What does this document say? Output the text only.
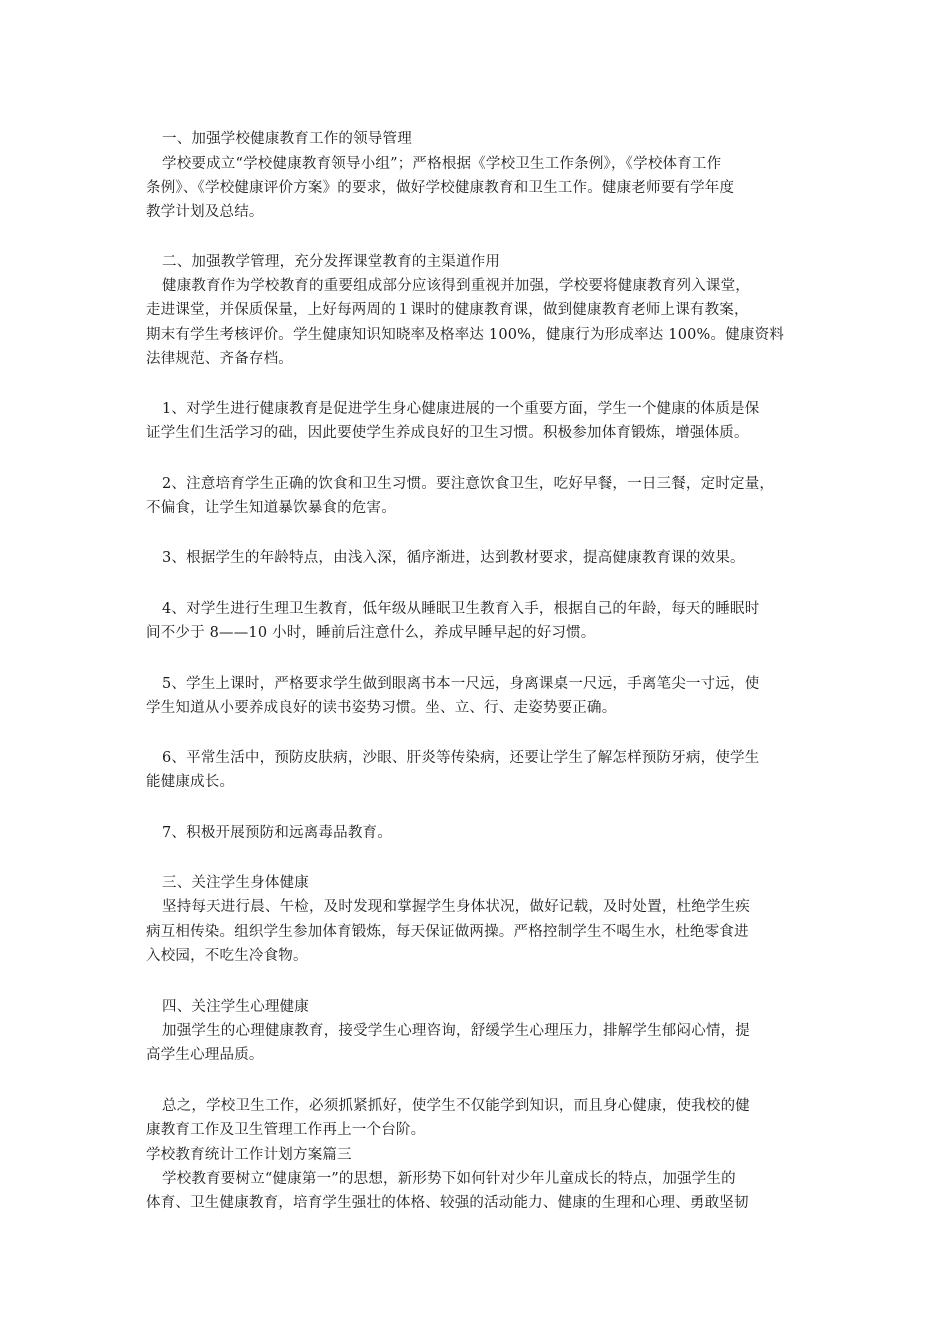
一、加强学校健康教育工作的领导管理
学校要成立“学校健康教育领导小组”；严格根据《学校卫生工作条例》，《学校体育工作
条例》、《学校健康评价方案》的要求，做好学校健康教育和卫生工作。健康老师要有学年度
教学计划及总结。
二、加强教学管理，充分发挥课堂教育的主渠道作用
健康教育作为学校教育的重要组成部分应该得到重视并加强，学校要将健康教育列入课堂，
走进课堂，并保质保量，上好每两周的１课时的健康教育课，做到健康教育老师上课有教案，
期末有学生考核评价。学生健康知识知晓率及格率达 100%，健康行为形成率达 100%。健康资料
法律规范、齐备存档。
1、对学生进行健康教育是促进学生身心健康进展的一个重要方面，学生一个健康的体质是保
证学生们生活学习的础，因此要使学生养成良好的卫生习惯。积极参加体育锻炼，增强体质。
2、注意培育学生正确的饮食和卫生习惯。要注意饮食卫生，吃好早餐，一日三餐，定时定量，
不偏食，让学生知道暴饮暴食的危害。
3、根据学生的年龄特点，由浅入深，循序渐进，达到教材要求，提高健康教育课的效果。
4、对学生进行生理卫生教育，低年级从睡眠卫生教育入手，根据自己的年龄，每天的睡眠时
间不少于 8——10 小时，睡前后注意什么，养成早睡早起的好习惯。
5、学生上课时，严格要求学生做到眼离书本一尺远，身离课桌一尺远，手离笔尖一寸远，使
学生知道从小要养成良好的读书姿势习惯。坐、立、行、走姿势要正确。
6、平常生活中，预防皮肤病，沙眼、肝炎等传染病，还要让学生了解怎样预防牙病，使学生
能健康成长。
7、积极开展预防和远离毒品教育。
三、关注学生身体健康
坚持每天进行晨、午检，及时发现和掌握学生身体状况，做好记载，及时处置，杜绝学生疾
病互相传染。组织学生参加体育锻炼，每天保证做两操。严格控制学生不喝生水，杜绝零食进
入校园，不吃生冷食物。
四、关注学生心理健康
加强学生的心理健康教育，接受学生心理咨询，舒缓学生心理压力，排解学生郁闷心情，提
高学生心理品质。
总之，学校卫生工作，必须抓紧抓好，使学生不仅能学到知识，而且身心健康，使我校的健
康教育工作及卫生管理工作再上一个台阶。
学校教育统计工作计划方案篇三
学校教育要树立“健康第一”的思想，新形势下如何针对少年儿童成长的特点，加强学生的
体育、卫生健康教育，培育学生强壮的体格、较强的活动能力、健康的生理和心理、勇敢坚韧
